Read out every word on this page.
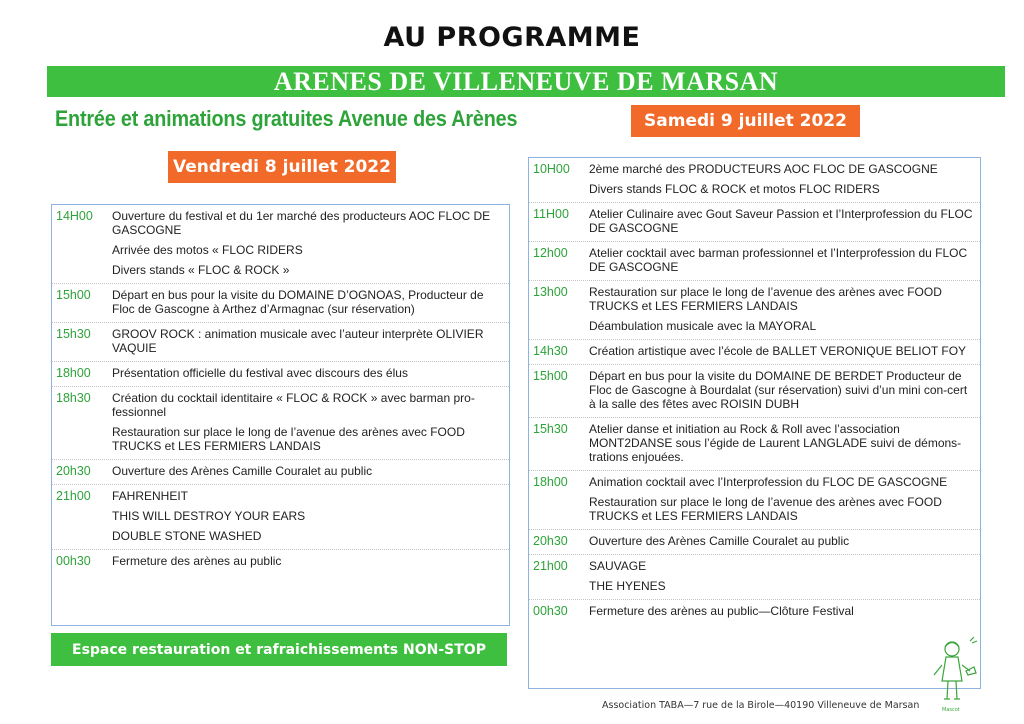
AU PROGRAMME
ARENES DE VILLENEUVE DE MARSAN
Entrée et animations gratuites Avenue des Arènes
Vendredi 8 juillet 2022
Samedi 9 juillet 2022
14H00	Ouverture du festival et du 1er marché des producteurs AOC FLOC DE GASCOGNE
Arrivée des motos « FLOC RIDERS
Divers stands « FLOC & ROCK »
15h00	Départ en bus pour la visite du DOMAINE D’OGNOAS, Producteur de Floc de Gascogne à Arthez d’Armagnac (sur réservation)
15h30	GROOV ROCK : animation musicale avec l’auteur interprète OLIVIER VAQUIE
18h00	Présentation officielle du festival avec discours des élus
18h30	Création du cocktail identitaire « FLOC & ROCK » avec barman pro-fessionnel
Restauration sur place le long de l’avenue des arènes avec FOOD TRUCKS et LES FERMIERS LANDAIS
20h30	Ouverture des Arènes Camille Couralet au public
21h00	FAHRENHEIT
THIS WILL DESTROY YOUR EARS
DOUBLE STONE WASHED
00h30	Fermeture des arènes au public
10H00	2ème marché des PRODUCTEURS AOC FLOC DE GASCOGNE
Divers stands FLOC & ROCK et motos FLOC RIDERS
11H00	Atelier Culinaire avec Gout Saveur Passion et l’Interprofession du FLOC DE GASCOGNE
12h00	Atelier cocktail avec barman professionnel et l’Interprofession du FLOC DE GASCOGNE
13h00	Restauration sur place le long de l’avenue des arènes avec FOOD TRUCKS et LES FERMIERS LANDAIS
Déambulation musicale avec la MAYORAL
14h30	Création artistique avec l’école de BALLET VERONIQUE BELIOT FOY
15h00	Départ en bus pour la visite du DOMAINE DE BERDET Producteur de Floc de Gascogne à Bourdalat (sur réservation) suivi d’un mini con-cert à la salle des fêtes avec ROISIN DUBH
15h30	Atelier danse et initiation au Rock & Roll avec l’association MONT2DANSE sous l’égide de Laurent LANGLADE suivi de démons-trations enjouées.
18h00	Animation cocktail avec l’Interprofession du FLOC DE GASCOGNE
Restauration sur place le long de l’avenue des arènes avec FOOD TRUCKS et LES FERMIERS LANDAIS
20h30	Ouverture des Arènes Camille Couralet au public
21h00	SAUVAGE
THE HYENES
00h30	Fermeture des arènes au public—Clôture Festival
Espace restauration et rafraichissements NON-STOP
Association TABA—7 rue de la Birole—40190 Villeneuve de Marsan	Mascot
